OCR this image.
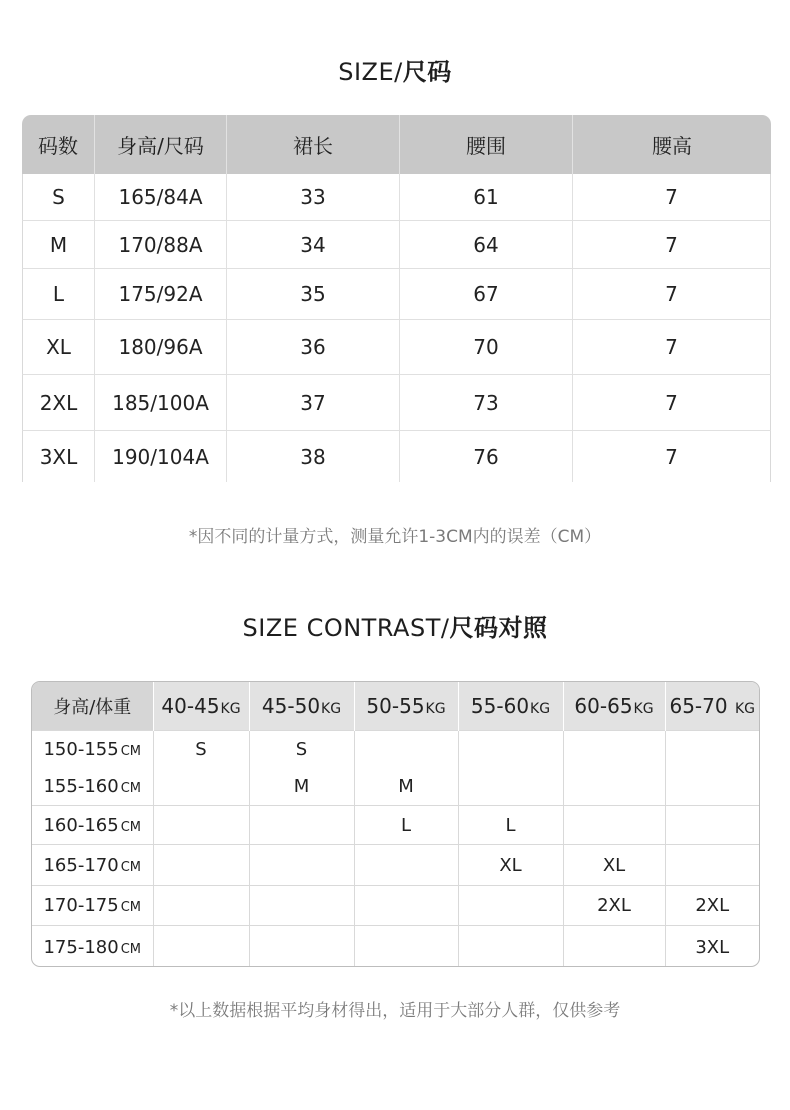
SIZE/尺码
码数	身高/尺码	裙长	腰围	腰高
S	165/84A	33	61	7
M	170/88A	34	64	7
L	175/92A	35	67	7
XL	180/96A	36	70	7
2XL	185/100A	37	73	7
3XL	190/104A	38	76	7
*因不同的计量方式，测量允许1-3CM内的误差（CM）
SIZE CONTRAST/尺码对照
身高/体重	40-45KG	45-50KG	50-55KG	55-60KG	60-65KG	65-70 KG
150-155 CM	S	S				
155-160 CM		M	M			
160-165 CM			L	L		
165-170 CM				XL	XL	
170-175 CM					2XL	2XL
175-180 CM						3XL
*以上数据根据平均身材得出，适用于大部分人群，仅供参考
